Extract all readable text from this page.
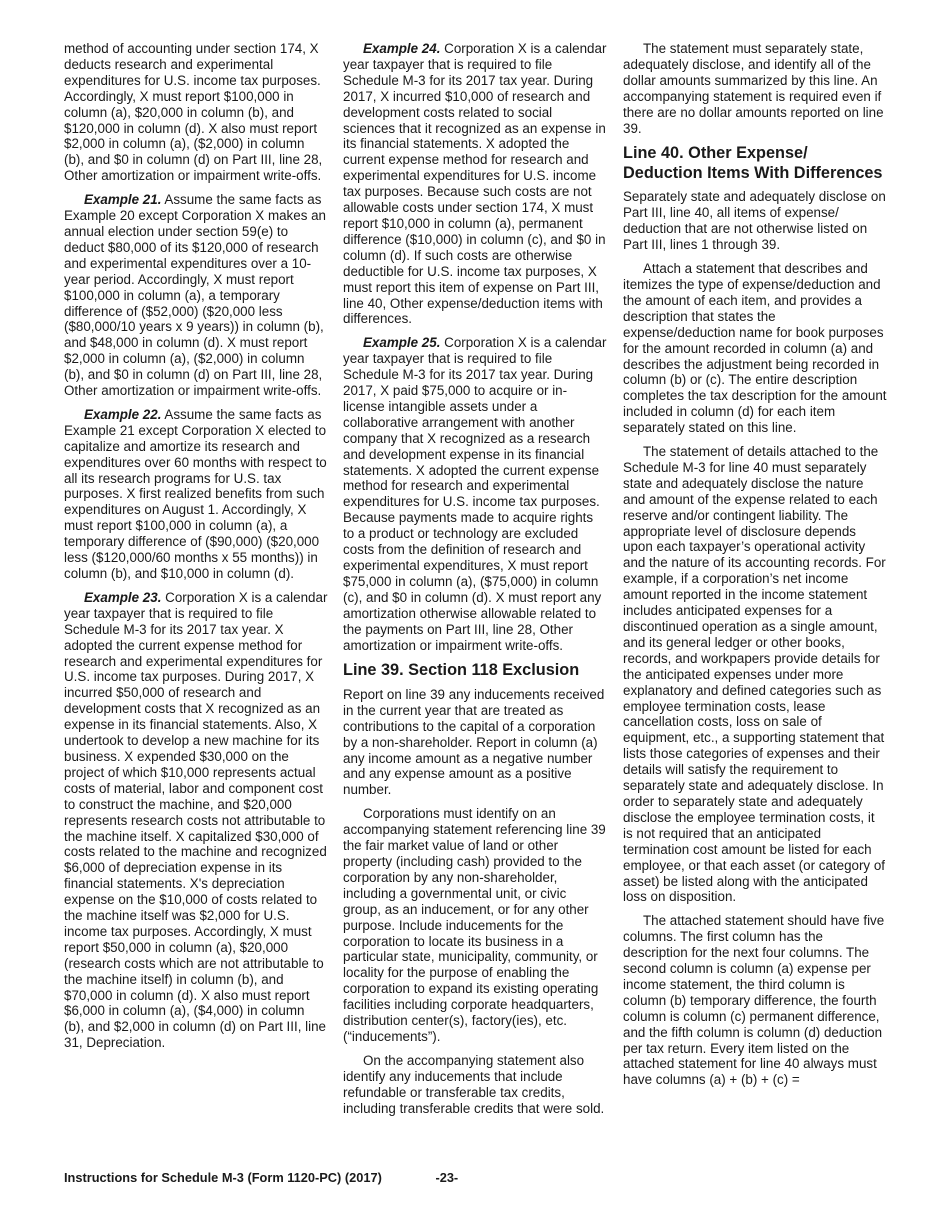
method of accounting under section 174, X deducts research and experimental expenditures for U.S. income tax purposes. Accordingly, X must report $100,000 in column (a), $20,000 in column (b), and $120,000 in column (d). X also must report $2,000 in column (a), ($2,000) in column (b), and $0 in column (d) on Part III, line 28, Other amortization or impairment write-offs.

Example 21. Assume the same facts as Example 20 except Corporation X makes an annual election under section 59(e) to deduct $80,000 of its $120,000 of research and experimental expenditures over a 10-year period. Accordingly, X must report $100,000 in column (a), a temporary difference of ($52,000) ($20,000 less ($80,000/10 years x 9 years)) in column (b), and $48,000 in column (d). X must report $2,000 in column (a), ($2,000) in column (b), and $0 in column (d) on Part III, line 28, Other amortization or impairment write-offs.

Example 22. Assume the same facts as Example 21 except Corporation X elected to capitalize and amortize its research and expenditures over 60 months with respect to all its research programs for U.S. tax purposes. X first realized benefits from such expenditures on August 1. Accordingly, X must report $100,000 in column (a), a temporary difference of ($90,000) ($20,000 less ($120,000/60 months x 55 months)) in column (b), and $10,000 in column (d).

Example 23. Corporation X is a calendar year taxpayer that is required to file Schedule M-3 for its 2017 tax year. X adopted the current expense method for research and experimental expenditures for U.S. income tax purposes. During 2017, X incurred $50,000 of research and development costs that X recognized as an expense in its financial statements. Also, X undertook to develop a new machine for its business. X expended $30,000 on the project of which $10,000 represents actual costs of material, labor and component cost to construct the machine, and $20,000 represents research costs not attributable to the machine itself. X capitalized $30,000 of costs related to the machine and recognized $6,000 of depreciation expense in its financial statements. X's depreciation expense on the $10,000 of costs related to the machine itself was $2,000 for U.S. income tax purposes. Accordingly, X must report $50,000 in column (a), $20,000 (research costs which are not attributable to the machine itself) in column (b), and $70,000 in column (d). X also must report $6,000 in column (a), ($4,000) in column (b), and $2,000 in column (d) on Part III, line 31, Depreciation.

Example 24. Corporation X is a calendar year taxpayer that is required to file Schedule M-3 for its 2017 tax year. During 2017, X incurred $10,000 of research and development costs related to social sciences that it recognized as an expense in its financial statements. X adopted the current expense method for research and experimental expenditures for U.S. income tax purposes. Because such costs are not allowable costs under section 174, X must report $10,000 in column (a), permanent difference ($10,000) in column (c), and $0 in column (d). If such costs are otherwise deductible for U.S. income tax purposes, X must report this item of expense on Part III, line 40, Other expense/deduction items with differences.

Example 25. Corporation X is a calendar year taxpayer that is required to file Schedule M-3 for its 2017 tax year. During 2017, X paid $75,000 to acquire or in-license intangible assets under a collaborative arrangement with another company that X recognized as a research and development expense in its financial statements. X adopted the current expense method for research and experimental expenditures for U.S. income tax purposes. Because payments made to acquire rights to a product or technology are excluded costs from the definition of research and experimental expenditures, X must report $75,000 in column (a), ($75,000) in column (c), and $0 in column (d). X must report any amortization otherwise allowable related to the payments on Part III, line 28, Other amortization or impairment write-offs.

Line 39. Section 118 Exclusion

Report on line 39 any inducements received in the current year that are treated as contributions to the capital of a corporation by a non-shareholder. Report in column (a) any income amount as a negative number and any expense amount as a positive number.

Corporations must identify on an accompanying statement referencing line 39 the fair market value of land or other property (including cash) provided to the corporation by any non-shareholder, including a governmental unit, or civic group, as an inducement, or for any other purpose. Include inducements for the corporation to locate its business in a particular state, municipality, community, or locality for the purpose of enabling the corporation to expand its existing operating facilities including corporate headquarters, distribution center(s), factory(ies), etc. (“inducements”).

On the accompanying statement also identify any inducements that include refundable or transferable tax credits, including transferable credits that were sold.

The statement must separately state, adequately disclose, and identify all of the dollar amounts summarized by this line. An accompanying statement is required even if there are no dollar amounts reported on line 39.

Line 40. Other Expense/ Deduction Items With Differences

Separately state and adequately disclose on Part III, line 40, all items of expense/ deduction that are not otherwise listed on Part III, lines 1 through 39.

Attach a statement that describes and itemizes the type of expense/deduction and the amount of each item, and provides a description that states the expense/deduction name for book purposes for the amount recorded in column (a) and describes the adjustment being recorded in column (b) or (c). The entire description completes the tax description for the amount included in column (d) for each item separately stated on this line.

The statement of details attached to the Schedule M-3 for line 40 must separately state and adequately disclose the nature and amount of the expense related to each reserve and/or contingent liability. The appropriate level of disclosure depends upon each taxpayer’s operational activity and the nature of its accounting records. For example, if a corporation’s net income amount reported in the income statement includes anticipated expenses for a discontinued operation as a single amount, and its general ledger or other books, records, and workpapers provide details for the anticipated expenses under more explanatory and defined categories such as employee termination costs, lease cancellation costs, loss on sale of equipment, etc., a supporting statement that lists those categories of expenses and their details will satisfy the requirement to separately state and adequately disclose. In order to separately state and adequately disclose the employee termination costs, it is not required that an anticipated termination cost amount be listed for each employee, or that each asset (or category of asset) be listed along with the anticipated loss on disposition.

The attached statement should have five columns. The first column has the description for the next four columns. The second column is column (a) expense per income statement, the third column is column (b) temporary difference, the fourth column is column (c) permanent difference, and the fifth column is column (d) deduction per tax return. Every item listed on the attached statement for line 40 always must have columns (a) + (b) + (c) =

Instructions for Schedule M-3 (Form 1120-PC) (2017)	-23-
